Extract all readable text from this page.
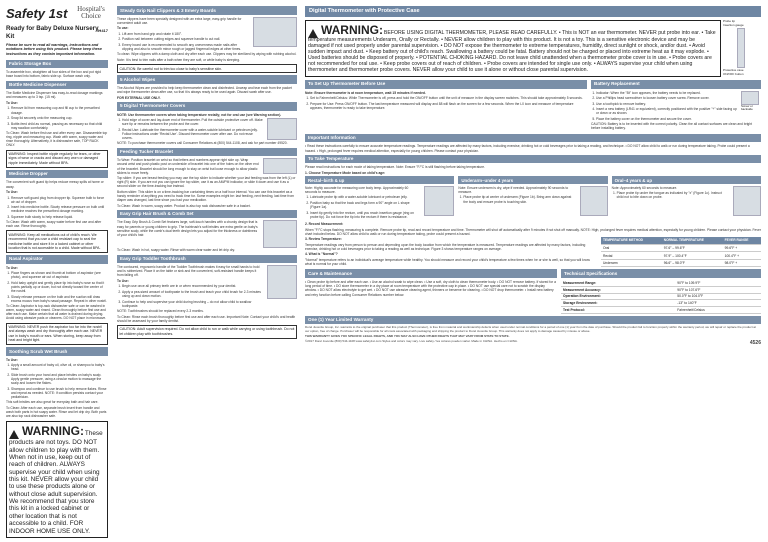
Safety 1st	Hospital's Choice
Ready for Baby Deluxe Nursery Kit
IH417
Please be sure to read all warnings, instructions and notations before using this product. Please keep these instructions as they contain important information.
Fabric Storage Box

To assemble box, straighten all four sides of the box and put rigid base board into bottom, fabric side up. Surface wash only.

Bottle Medicine Dispenser

The Bottle Medicine Dispenser has easy-to-read dosage markings and measures up to 3 tsp. (15 ml).

To Use:

1. Remove lid from measuring cup and fill cup to the prescribed dosage.
2. Snap lid securely onto the measuring cup.
3. Bottle-feed child as normal, pausing as necessary so that child may swallow comfortably.

To Clean: Wash before first use and after every use. Disassemble top ring, nipple and measuring cup. Wash with warm, soapy water and rinse thoroughly. Alternatively, it is dishwasher safe, TOP RACK ONLY.

WARNING: Inspect bottle nipple regularly for tears, or other signs of wear or cracks and discard any worn or damaged nipple immediately. Made without BPA.
Medicine Dropper

The convenient soft guard tip helps reduce messy spills at home or away.

To Use:

1. Remove soft guard plug from dropper tip. Squeeze bulb to force air out of dropper.
2. Insert into medicine bottle. Slowly release pressure on bulb until medicine reaches the prescribed dosage marking.
3. Squeeze bulb slowly to help release liquid.

To Clean: Wash with warm, soapy water before first use and after each use. Rinse thoroughly.

WARNING: Keep all medications out of child's reach. We recommend that you use a child resistant cap to seal the medicine bottle and store it in a locked cabinet or other location that is not accessible to a child. Made without BPA.
Nasal Aspirator

To Use:

1. Place fingers as shown and thumb at bottom of aspirator (see photo), and squeeze air out of aspirator.
2. Hold baby upright and gently place tip into baby's nose so that it points partially up or down, but not directly toward the center of the nostril.
3. Slowly release pressure on the bulb and the suction will draw excess mucus from baby's nasal passage. Repeat in other nostril.

To Clean: Aspirator is top-rack dishwasher safe or can be washed in warm, soapy water and rinsed. Clean thoroughly before first use and after each use. Make certain that all water is drained during drying. Avoid using abrasive pads or cleaners. DO NOT place in microwave.

WARNING: NEVER push the aspirator too far into the nostril and always wash and dry thoroughly after each use. NEVER use in baby's mouth or ears. When storing, keep away from heat and bright light.
Soothing Scrub Wet Brush

To Use:

1. Apply a small amount of baby oil, olive oil, or shampoo to baby's head.
2. Slide brush onto your hand and place bristles on baby's scalp. Apply gentle pressure, using a circular motion to massage the scalp and loosen the flakes.
3. Shampoo and continue to use brush to help remove flakes. Rinse and repeat as needed. NOTE: If condition persists contact your pediatrician.

This soft bristles are also great for everyday bath and hair care.

To Clean: After each use, separate brush insert from handle and wash both parts in hot soapy water. Rinse and let drip dry. Both parts are also top rack dishwasher safe.

WARNING: These products are not toys. DO NOT allow children to play with them. When not in use, keep out of reach of children. ALWAYS supervise your child when using this kit. NEVER allow your child to use these products alone or without close adult supervision. We recommend that you store this kit in a locked cabinet or other location that is not accessible to a child. FOR INDOOR HOME USE ONLY.
Steady Grip Nail Clippers & 3 Emery Boards

These clippers have been specially designed with an extra large, easy-grip handle for convenient adult use.

To use:

1. Lift arm from hand grip and rotate it 180°.
2. Position nail between cutting edges and squeeze handle to cut nail.
3. Emery board use is recommended to smooth any unevenness made nails after clipping and also to smooth minor rough or jagged fingernail edges at other times.

To clean: Wipe clippers with a damp cloth and dry after each use. Clippers may be sterilized by wiping with rubbing alcohol.

Note: It is best to trim nails after a bath when they are soft, or while baby is sleeping.

CAUTION: Be careful not to trim too close to baby's sensitive skin.
5 Alcohol Wipes

The Alcohol Wipes are provided to help keep thermometer clean and disinfected. Unwrap and tear each from the packet and wipe thermometer clean after use, so that it is always ready to be used again. Discard swab after use.

FOR EXTERNAL USE ONLY.

5 Digital Thermometer Covers

NOTE: Use thermometer covers when taking temperature rectally; not for oral use (see Warning section).

1. Hold edge of cover and lay-down end of thermometer. Pull the outside protective cover off. Make sure tip or remains between the probe and the cover.
2. Rectal Use: Lubricate the thermometer cover with a water-soluble lubricant or petroleum jelly. Follow instructions under 'Rectal Use'. Discard thermometer cover after use. Do not reuse covers.

NOTE: To purchase thermometer covers call Consumer Relations at (800) 544-1108, and ask for part number 49520.

Feeding Tucker Bracelet

To Wear: Position bracelet on wrist so that letters and numbers appear right side up. Wrap around wrist and push plastic post on underside of bracelet into one of the holes on the other end of the bracelet. Bracelet should be long enough to stay on wrist but loose enough to allow plastic sliders to move freely.

Top slider: If you are breast feeding you may use the top slider to indicate whether your last feeding was from the left (L) or right (R) side. If you are not you can ignore the top slider, use it as an AM/PM indicator, or slide it down and use it as a second slider on the time-tracking bar instead.

Bottom slider: This slider is on a time-tracking bar containing times on a half hour interval. You can use this bracelet as a handy reminder of anything you need to track time for. Some examples might be: last feeding, next feeding, last time from diaper was changed, last time since you had your medication.

To Clean: Wash in warm, soapy water. Product is also top rack dishwasher safe in a basket.

Easy Grip Hair Brush & Comb Set

The Easy Grip Brush & Comb Set features large, soft-touch handles with a chunky design that is easy for parents or young children to grip. The hairbrush's soft bristles are extra gentle on baby's sensitive scalp, while the comb's dual teeth design lets you adjust for the thickness or daintiness of your child's hair.

To Clean: Wash in hot, soapy water. Rinse with warm clear water and let drip dry.

Easy Grip Toddler Toothbrush

The contoured, ergonomic handle of the Toddler Toothbrush makes it easy for small hands to hold and is rubberized. Place it on the table or sink and the convenient, soft-resistant handle keeps it from falling off.

To Use:

1. Begin use once all primary teeth are in or when recommended by your dentist.
2. Apply a pea-sized amount of toothpaste to the brush and teach your child brush for 2-3 minutes using up and down motion.
3. Continue to help and supervise your child during brushing – do not allow child to swallow toothpaste.

NOTE: Toothbrushes should be replaced every 2-3 months.

To Clean: Rinse each brush thoroughly before first use and after each use. Important Note: Contact your child's oral health should be assessed by your family dentist.

CAUTION: Adult supervision required. Do not allow child to run or walk while carrying or using toothbrush. Do not let children play with toothbrushes.
Digital Thermometer with Protective Case
WARNING: BEFORE USING DIGITAL THERMOMETER, PLEASE READ CAREFULLY. • This is NOT an ear thermometer. NEVER put probe into ear. • Take temperature measurements Underarm, Orally or Rectally. • NEVER allow children to play with this product. It is not a toy. This is a sensitive electronic device and may be damaged if not used properly under parental supervision. • DO NOT expose the thermometer to extreme temperatures, humidity, direct sunlight or shock, and/or dust. • Avoid sudden impact and dust. • Keep battery out of child's reach. Swallowing a battery could be fatal. Battery should not be charged or placed into extreme heat as it may explode. • Used batteries should be disposed of properly. • POTENTIAL CHOKING HAZARD. Do not leave child unattended when a thermometer probe cover is in use. • Probe covers are not recommended for oral use. • Keep probe covers out of reach of children. • Probe covers are intended for single use only. • ALWAYS supervise your child when using thermometer and thermometer probe covers. NEVER allow your child to use it alone or without close parental supervision.
Probe tip
Insertion gauge
Protective case
ON/OFF button
To Set Up Thermometer Before Use

Note: Ensure thermometer is at room temperature, wait 15 minutes if needed.

1. Set to Fahrenheit/Celsius: While Thermometer is off, press and hold the ON/OFF button until the unit of measure in the display screen switches. This should take approximately 5 seconds.
2. Prepare for Use: Press ON/OFF button. The last temperature measured will display and 88 will flash on the screen for a few seconds. When the L0 icon and measure of temperature appears, thermometer is ready to take temperature.
Battery Replacement
1. Indicator: When the "Bt" icon appears, the battery needs to be replaced.
2. Use a Phillips head screwdriver to loosen battery cover screw. Remove cover.
3. Use a toothpick to remove battery.
4. Insert a new battery (LR41 or equivalent), correctly positioned with the positive "+" side facing up or down or as shown.
5. Place the battery cover on the thermometer and secure the cover.
Screw or backside

CAUTION: Battery is to be inserted with the correct polarity. Clean the all contact surfaces are clean and bright before installing battery.

Important Information

• Read these instructions carefully to ensure accurate temperature readings. Temperature readings are affected by many factors, including exercise, drinking hot or cold beverages prior to taking a reading, and technique. • DO NOT allow child to walk or run during temperature taking. Probe could present a hazard. • High, prolonged fever requires medical attention, especially for young children. Please contact your physician.

To Take Temperature

Please read instructions for each mode of taking temperature. Note: Ensure °F/°C is still flashing before taking temperature.

1. Choose Temperature Mode based on child's age:

Rectal–birth & up

Note: Highly accurate for measuring core body temp. Approximately 60 seconds to measure.

1. Lubricate probe tip with a water-soluble lubricant or petroleum jelly.
2. Position baby so that the back and legs form a 90° angle on L shape (Figure 1a).
3. Insert tip gently into the rectum, until you reach insertion gauge (ring on probe tip). Do not force the tip into the rectum if there is resistance.
Underarm–under 4 years

Note: Ensure underarm is dry, wipe if needed. Approximately 90 seconds to measure.

1. Place probe tip at center of underarm (Figure 1b). Bring arm down against the body and ensure probe is touching skin.
Oral–4 years & up

Note: Approximately 60 seconds to measure.

1. Place probe tip under the tongue as indicated by "x" (Figure 1c). Instruct child not to bite down on probe.

2. Record Measurement:

When °F/°C stops flashing, measuring is complete. Remove probe tip, read and record temperature and time. Thermometer will shut off automatically after 9 minutes if not shut off manually. NOTE: High, prolonged fever requires medical attention, especially for young children. Please contact your physician. Fever chart included below. DO NOT allow child to walk or run during temperature taking, probe could present a hazard.

3. Review Temperature:

Temperature readings vary from person to person and depending upon the body location from which the temperature is measured. Temperature readings are affected by many factors, including exercise, drinking hot or cold beverages prior to taking a reading as well as technique. Figure 3 shows temperature ranges on average.

4. What is "Normal"?

"Normal" temperature refers to an individual's average temperature while healthy. You should measure and record your child's temperature a few times when he or she is well, so that you will know what is normal for your child.

TEMPERATURE METHOD	NORMAL TEMPERATURE	FEVER RANGE
Oral	97.6° – 99.6°F	99.6°F +
Rectal	97.9° – 100.4°F	100.4°F +
Underarm	96.6° – 98.0°F	98.0°F +
Care & Maintenance

• Clean probe tip before and after each use. • Use an alcohol swab to wipe clean. • Use a soft, dry cloth to clean thermometer body. • DO NOT remove battery. If stored for a long period of time. • DO store thermometer in a dry place at room temperature with the protective cap in place. • DO NOT use special care not to scratch the display window. • DO NOT allow electrolyte to get wet. • DO NOT use abrasive cleaning agent, thinners or benzene for cleaning. • DO NOT drop thermometer. • Install new battery and retry function before calling Consumer Relations number below.

Technical Specifications
Measurement Range:	90°F to 109.9°F
Measurement Accuracy:	90°F to 107.6°F
Operation Environment:	50.0°F to 104.0°F
Storage Environment:	-13° to 140°F
Test Protocol:	Fahrenheit/Celsius
One (1) Year Limited Warranty

Dorel Juvenile Group, Inc. warrants to the original purchaser that this product (Thermometer), is free from material and workmanship defects when used under normal conditions for a period of one (1) year from the date of purchase. Should the product fail to function properly within the warranty period, we will repair or replace the product at our option, free of charge. Purchaser will be responsible for all costs associated with packaging and shipping the product to Dorel Juvenile Group. This warranty does not apply to damage caused by misuse or abuse.

THIS WARRANTY GIVES YOU SPECIFIC LEGAL RIGHTS, AND YOU MAY ALSO HAVE OTHER RIGHTS THAT MAY VARY FROM STATE TO STATE.

©2017 Dorel Juvenile (800) 544-1108 www.safety1st.com Styles and colors may vary. Live safety / les colores pueden variar. Made in CHINA. Hecho en CHINA.	4526
